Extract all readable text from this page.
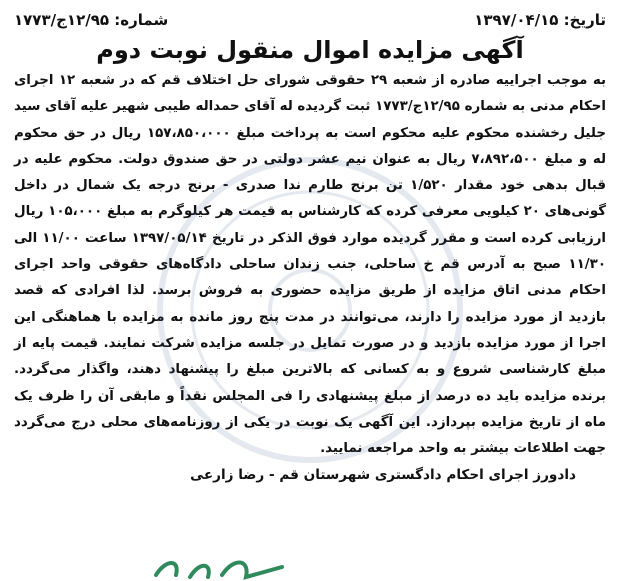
تاریخ: ۱۳۹۷/۰۴/۱۵
شماره: ۱۲/۹۵ج/۱۷۷۳
آگهی مزایده اموال منقول نوبت دوم
به موجب اجراییه صادره از شعبه ۲۹ حقوقی شورای حل اختلاف قم که در شعبه ۱۲ اجرای احکام مدنی به شماره ۱۲/۹۵ج/۱۷۷۳ ثبت گردیده له آقای حمداله طیبی شهیر علیه آقای سید جلیل رخشنده محکوم علیه محکوم است به پرداخت مبلغ ۱۵۷،۸۵۰،۰۰۰ ریال در حق محکوم له و مبلغ ۷،۸۹۲،۵۰۰ ریال به عنوان نیم عشر دولتی در حق صندوق دولت. محکوم علیه در قبال بدهی خود مقدار ۱/۵۲۰ تن برنج طارم ندا صدری - برنج درجه یک شمال در داخل گونی‌های ۲۰ کیلویی معرفی کرده که کارشناس به قیمت هر کیلوگرم به مبلغ ۱۰۵،۰۰۰ ریال ارزیابی کرده است و مقرر گردیده موارد فوق الذکر در تاریخ ۱۳۹۷/۰۵/۱۴ ساعت ۱۱/۰۰ الی ۱۱/۳۰ صبح به آدرس قم خ ساحلی، جنب زندان ساحلی دادگاه‌های حقوقی واحد اجرای احکام مدنی اتاق مزایده از طریق مزایده حضوری به فروش برسد. لذا افرادی که قصد بازدید از مورد مزایده را دارند، می‌توانند در مدت پنج روز مانده به مزایده با هماهنگی این اجرا از مورد مزایده بازدید و در صورت تمایل در جلسه مزایده شرکت نمایند. قیمت پایه از مبلغ کارشناسی شروع و به کسانی که بالاترین مبلغ را پیشنهاد دهند، واگذار می‌گردد. برنده مزایده باید ده درصد از مبلغ پیشنهادی را فی المجلس نقداً و مابقی آن را ظرف یک ماه از تاریخ مزایده بپردازد. این آگهی یک نوبت در یکی از روزنامه‌های محلی درج می‌گردد جهت اطلاعات بیشتر به واحد مراجعه نمایید.
دادورز اجرای احکام دادگستری شهرستان قم - رضا زارعی
